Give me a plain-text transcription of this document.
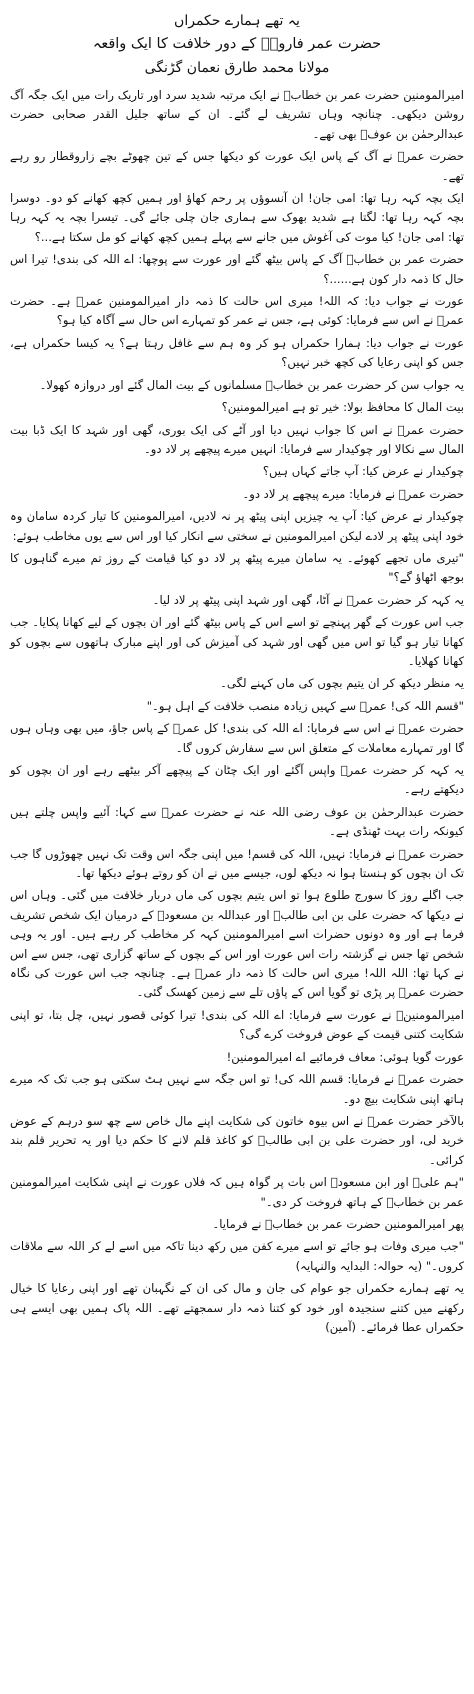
یہ تھے ہمارے حکمراں
حضرت عمر فاروقؓ کے دور خلافت کا ایک واقعہ
مولانا محمد طارق نعمان گڑنگی

امیرالمومنین حضرت عمر بن خطابؓ نے ایک مرتبہ شدید سرد اور تاریک رات میں ایک جگہ آگ روشن دیکھی۔ چنانچہ وہاں تشریف لے گئے۔ ان کے ساتھ جلیل القدر صحابی حضرت عبدالرحمٰن بن عوفؓ بھی تھے۔

حضرت عمرؓ نے آگ کے پاس ایک عورت کو دیکھا جس کے تین چھوٹے بچے زاروقطار رو رہے تھے۔

ایک بچہ کہہ رہا تھا: امی جان! ان آنسوؤں پر رحم کھاؤ اور ہمیں کچھ کھانے کو دو۔ دوسرا بچہ کہہ رہا تھا: لگتا ہے شدید بھوک سے ہماری جان چلی جائے گی۔ تیسرا بچہ یہ کہہ رہا تھا: امی جان! کیا موت کی آغوش میں جانے سے پہلے ہمیں کچھ کھانے کو مل سکتا ہے...؟

حضرت عمر بن خطابؓ آگ کے پاس بیٹھ گئے اور عورت سے پوچھا: اے اللہ کی بندی! تیرا اس حال کا ذمہ دار کون ہے......؟

عورت نے جواب دیا: کہ اللہ! میری اس حالت کا ذمہ دار امیرالمومنین عمرؓ ہے۔ حضرت عمرؓ نے اس سے فرمایا: کوئی ہے، جس نے عمر کو تمہارے اس حال سے آگاہ کیا ہو؟

عورت نے جواب دیا: ہمارا حکمراں ہو کر وہ ہم سے غافل رہتا ہے؟ یہ کیسا حکمراں ہے، جس کو اپنی رعایا کی کچھ خبر نہیں؟

یہ جواب سن کر حضرت عمر بن خطابؓ مسلمانوں کے بیت المال گئے اور دروازہ کھولا۔

بیت المال کا محافظ بولا: خیر تو ہے امیرالمومنین؟

حضرت عمرؓ نے اس کا جواب نہیں دیا اور آٹے کی ایک بوری، گھی اور شہد کا ایک ڈبا بیت المال سے نکالا اور چوکیدار سے فرمایا: انہیں میرے پیچھے پر لاد دو۔

چوکیدار نے عرض کیا: آپ جاتے کہاں ہیں؟

حضرت عمرؓ نے فرمایا: میرے پیچھے پر لاد دو۔

چوکیدار نے عرض کیا: آپ یہ چیزیں اپنی پیٹھ پر نہ لادیں، امیرالمومنین کا تیار کردہ سامان وہ خود اپنی پیٹھ پر لادے لیکن امیرالمومنین نے سختی سے انکار کیا اور اس سے یوں مخاطب ہوئے:

"تیری ماں تجھے کھوئے۔ یہ سامان میرے پیٹھ پر لاد دو کیا قیامت کے روز تم میرے گناہوں کا بوجھ اٹھاؤ گے؟"

یہ کہہ کر حضرت عمرؓ نے آٹا، گھی اور شہد اپنی پیٹھ پر لاد لیا۔

جب اس عورت کے گھر پہنچے تو اسے اس کے پاس بیٹھ گئے اور ان بچوں کے لیے کھانا پکایا۔ جب کھانا تیار ہو گیا تو اس میں گھی اور شہد کی آمیزش کی اور اپنے مبارک ہاتھوں سے بچوں کو کھانا کھلایا۔

یہ منظر دیکھ کر ان یتیم بچوں کی ماں کہنے لگی۔

"قسم اللہ کی! عمرؓ سے کہیں زیادہ منصب خلافت کے اہل ہو۔"

حضرت عمرؓ نے اس سے فرمایا: اے اللہ کی بندی! کل عمرؓ کے پاس جاؤ، میں بھی وہاں ہوں گا اور تمہارے معاملات کے متعلق اس سے سفارش کروں گا۔

یہ کہہ کر حضرت عمرؓ واپس آگئے اور ایک چٹان کے پیچھے آکر بیٹھے رہے اور ان بچوں کو دیکھتے رہے۔

حضرت عبدالرحمٰن بن عوف رضی اللہ عنہ نے حضرت عمرؓ سے کہا: آئیے واپس چلتے ہیں کیونکہ رات بہت ٹھنڈی ہے۔

حضرت عمرؓ نے فرمایا: نہیں، اللہ کی قسم! میں اپنی جگہ اس وقت تک نہیں چھوڑوں گا جب تک ان بچوں کو ہنستا ہوا نہ دیکھ لوں، جیسے میں نے ان کو روتے ہوئے دیکھا تھا۔

جب اگلے روز کا سورج طلوع ہوا تو اس یتیم بچوں کی ماں دربار خلافت میں گئی۔ وہاں اس نے دیکھا کہ حضرت علی بن ابی طالبؓ اور عبداللہ بن مسعودؓ کے درمیان ایک شخص تشریف فرما ہے اور وہ دونوں حضرات اسے امیرالمومنین کہہ کر مخاطب کر رہے ہیں۔ اور یہ وہی شخص تھا جس نے گزشتہ رات اس عورت اور اس کے بچوں کے ساتھ گزاری تھی، جس سے اس نے کہا تھا: اللہ اللہ! میری اس حالت کا ذمہ دار عمرؓ ہے۔ چنانچہ جب اس عورت کی نگاہ حضرت عمرؓ پر پڑی تو گویا اس کے پاؤں تلے سے زمین کھسک گئی۔

امیرالمومنینؓ نے عورت سے فرمایا: اے اللہ کی بندی! تیرا کوئی قصور نہیں، چل بتا، تو اپنی شکایت کتنی قیمت کے عوض فروخت کرے گی؟

عورت گویا ہوئی: معاف فرمائیے اے امیرالمومنین!

حضرت عمرؓ نے فرمایا: قسم اللہ کی! تو اس جگہ سے نہیں ہٹ سکتی ہو جب تک کہ میرے ہاتھ اپنی شکایت بیچ دو۔

بالآخر حضرت عمرؓ نے اس بیوہ خاتون کی شکایت اپنے مال خاص سے چھ سو درہم کے عوض خرید لی، اور حضرت علی بن ابی طالبؓ کو کاغذ قلم لانے کا حکم دیا اور یہ تحریر قلم بند کرائی۔

"ہم علیؓ اور ابن مسعودؓ اس بات پر گواہ ہیں کہ فلاں عورت نے اپنی شکایت امیرالمومنین عمر بن خطابؓ کے ہاتھ فروخت کر دی۔"

پھر امیرالمومنین حضرت عمر بن خطابؓ نے فرمایا۔

"جب میری وفات ہو جائے تو اسے میرے کفن میں رکھ دینا تاکہ میں اسے لے کر اللہ سے ملاقات کروں۔" (یہ حوالہ: البدایہ والنہایہ)

یہ تھے ہمارے حکمراں جو عوام کی جان و مال کی ان کے نگہبان تھے اور اپنی رعایا کا خیال رکھنے میں کتنے سنجیدہ اور خود کو کتنا ذمہ دار سمجھتے تھے۔ اللہ پاک ہمیں بھی ایسے ہی حکمراں عطا فرمائے۔ (آمین)
